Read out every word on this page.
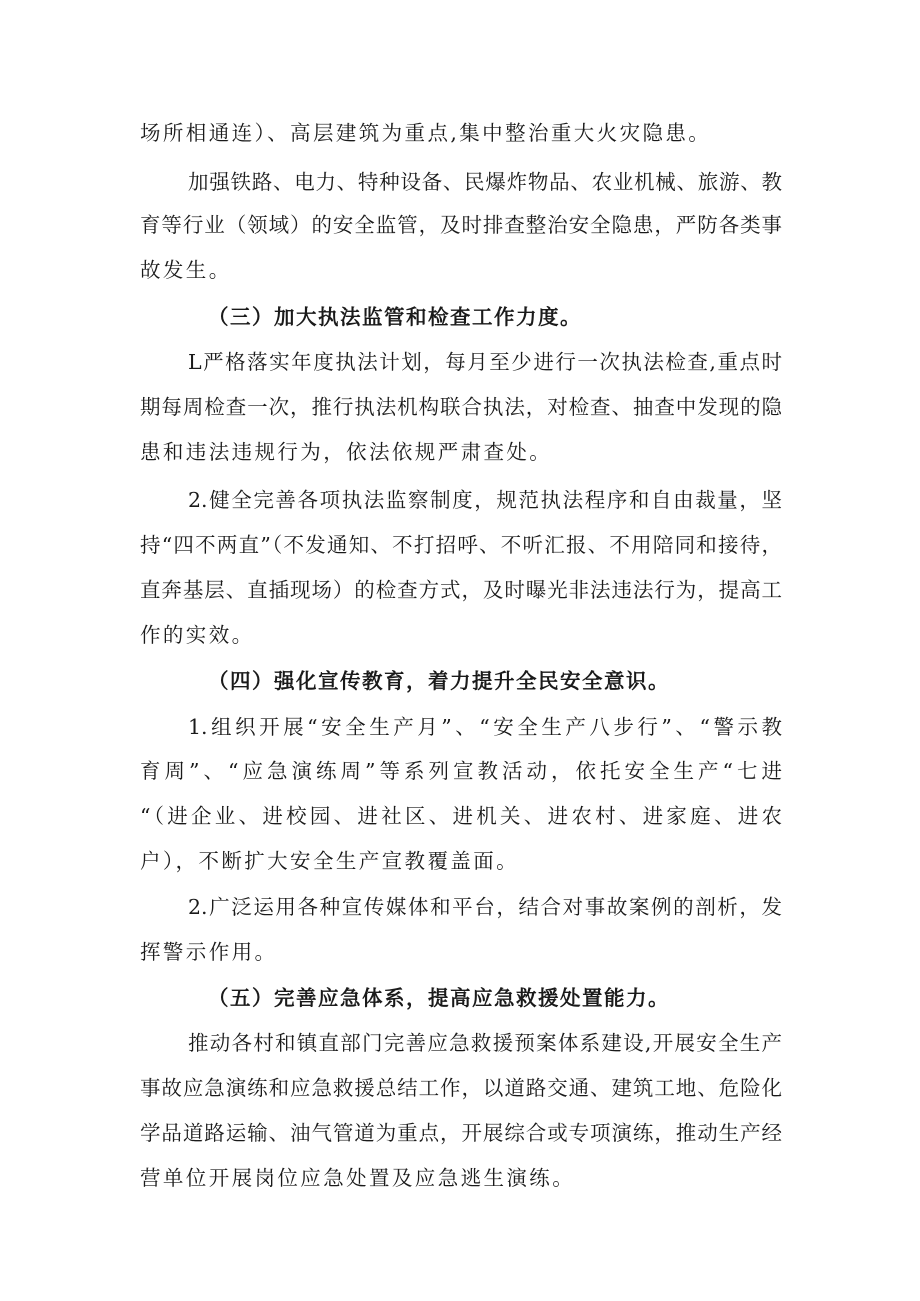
场所相通连）、高层建筑为重点,集中整治重大火灾隐患。
加强铁路、电力、特种设备、民爆炸物品、农业机械、旅游、教
育等行业（领域）的安全监管，及时排查整治安全隐患，严防各类事
故发生。
（三）加大执法监管和检查工作力度。
L严格落实年度执法计划，每月至少进行一次执法检查,重点时
期每周检查一次，推行执法机构联合执法，对检查、抽查中发现的隐
患和违法违规行为，依法依规严肃查处。
2.健全完善各项执法监察制度，规范执法程序和自由裁量，坚
持“四不两直”（不发通知、不打招呼、不听汇报、不用陪同和接待，
直奔基层、直插现场）的检查方式，及时曝光非法违法行为，提高工
作的实效。
（四）强化宣传教育，着力提升全民安全意识。
1.组织开展“安全生产月”、“安全生产八步行”、“警示教
育周”、“应急演练周”等系列宣教活动，依托安全生产“七进
“（进企业、进校园、进社区、进机关、进农村、进家庭、进农
户），不断扩大安全生产宣教覆盖面。
2.广泛运用各种宣传媒体和平台，结合对事故案例的剖析，发
挥警示作用。
（五）完善应急体系，提高应急救援处置能力。
推动各村和镇直部门完善应急救援预案体系建设,开展安全生产
事故应急演练和应急救援总结工作，以道路交通、建筑工地、危险化
学品道路运输、油气管道为重点，开展综合或专项演练，推动生产经
营单位开展岗位应急处置及应急逃生演练。
